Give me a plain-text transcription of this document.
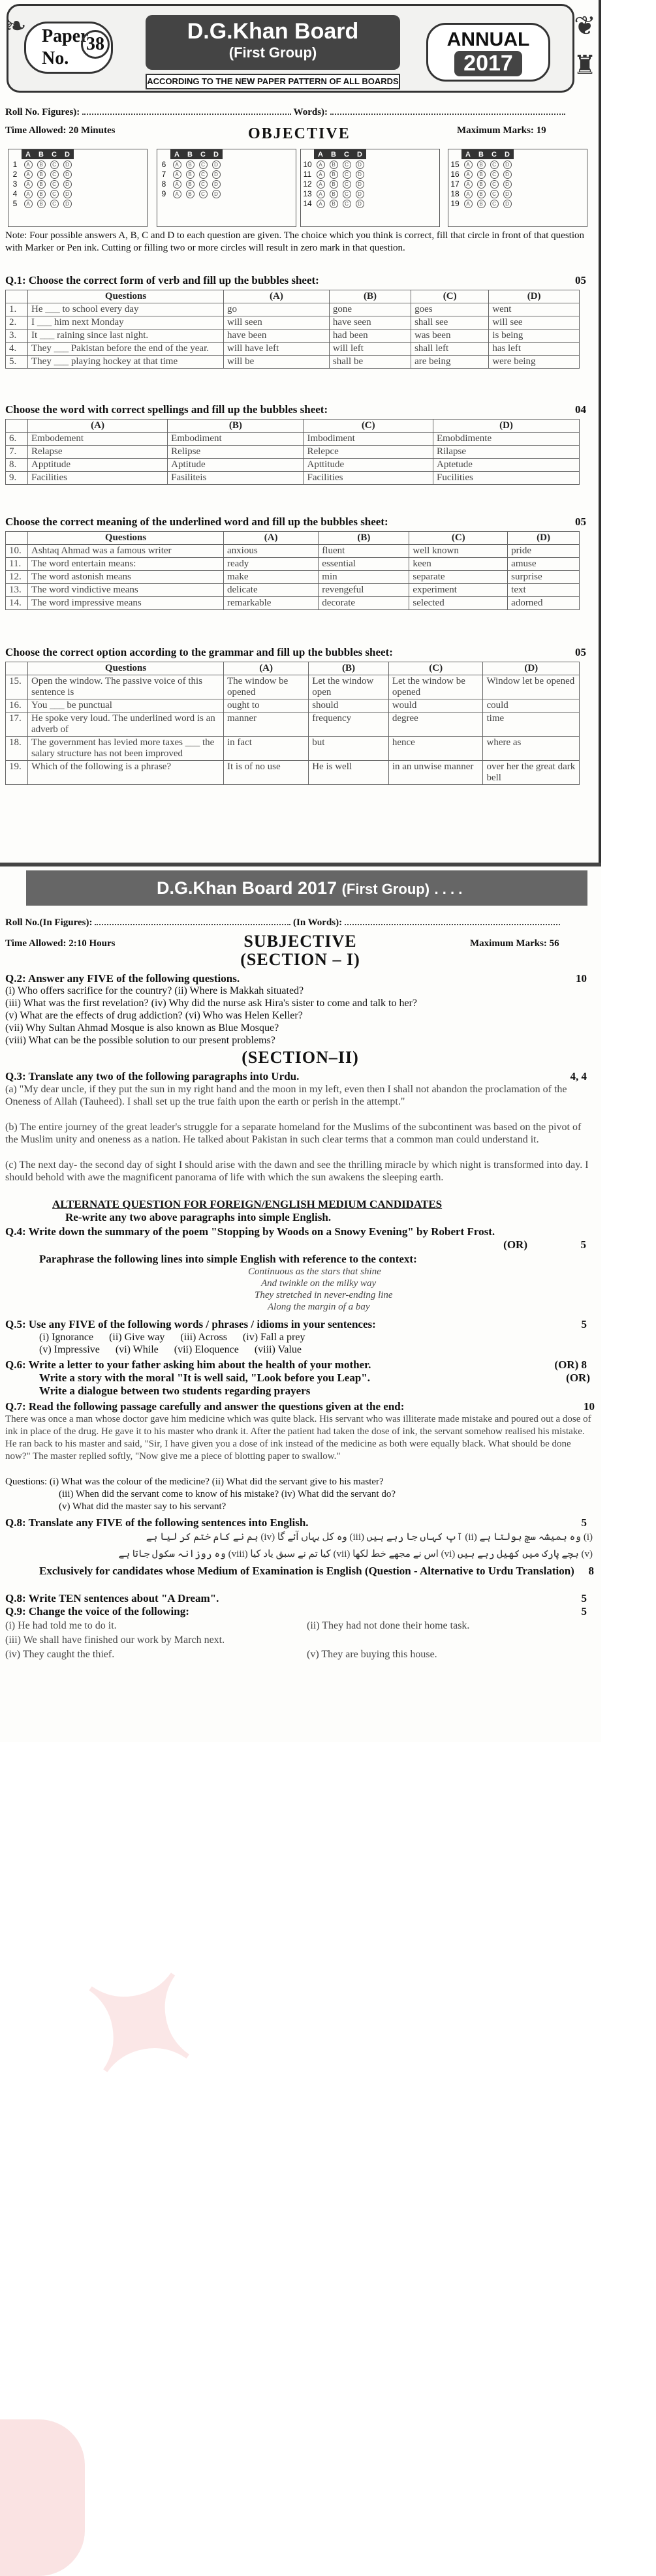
Paper
No.
38
D.G.Khan Board
(First Group)
ACCORDING TO THE NEW PAPER PATTERN OF ALL BOARDS
ANNUAL
2017
❧	❦
♜
Roll No. Figures):	Words):
Time Allowed: 20 Minutes	OBJECTIVE	Maximum Marks: 19
	A	B	C	D
1	A	B	C	D
2	A	B	C	D
3	A	B	C	D
4	A	B	C	D
5	A	B	C	D
	A	B	C	D
6	A	B	C	D
7	A	B	C	D
8	A	B	C	D
9	A	B	C	D
	A	B	C	D
10	A	B	C	D
11	A	B	C	D
12	A	B	C	D
13	A	B	C	D
14	A	B	C	D
	A	B	C	D
15	A	B	C	D
16	A	B	C	D
17	A	B	C	D
18	A	B	C	D
19	A	B	C	D
Note: Four possible answers A, B, C and D to each question are given. The choice which you think is correct, fill that circle in front of that question with Marker or Pen ink. Cutting or filling two or more circles will result in zero mark in that question.
Q.1: Choose the correct form of verb and fill up the bubbles sheet:	05
	Questions	(A)	(B)	(C)	(D)
1.	He ___ to school every day	go	gone	goes	went
2.	I ___ him next Monday	will seen	have seen	shall see	will see
3.	It ___ raining since last night.	have been	had been	was been	is being
4.	They ___ Pakistan before the end of the year.	will have left	will left	shall left	has left
5.	They ___ playing hockey at that time	will be	shall be	are being	were being
Choose the word with correct spellings and fill up the bubbles sheet:	04
	(A)	(B)	(C)	(D)
6.	Embodement	Embodiment	Imbodiment	Emobdimente
7.	Relapse	Relipse	Relepce	Rilapse
8.	Apptitude	Aptitude	Apttitude	Aptetude
9.	Facilities	Fasiliteis	Facilities	Fucilities
Choose the correct meaning of the underlined word and fill up the bubbles sheet:	05
	Questions	(A)	(B)	(C)	(D)
10.	Ashtaq Ahmad was a famous writer	anxious	fluent	well known	pride
11.	The word entertain means:	ready	essential	keen	amuse
12.	The word astonish means	make	min	separate	surprise
13.	The word vindictive means	delicate	revengeful	experiment	text
14.	The word impressive means	remarkable	decorate	selected	adorned
Choose the correct option according to the grammar and fill up the bubbles sheet:	05
	Questions	(A)	(B)	(C)	(D)
15.	Open the window. The passive voice of this sentence is	The window be opened	Let the window open	Let the window be opened	Window let be opened
16.	You ___ be punctual	ought to	should	would	could
17.	He spoke very loud. The underlined word is an adverb of	manner	frequency	degree	time
18.	The government has levied more taxes ___ the salary structure has not been improved	in fact	but	hence	where as
19.	Which of the following is a phrase?	It is of no use	He is well	in an unwise manner	over her the great dark bell
D.G.Khan Board 2017 (First Group) . . . .
✦
Roll No.(In Figures):	(In Words):
Time Allowed: 2:10 Hours	Maximum Marks: 56
SUBJECTIVE
(SECTION – I)
Q.2: Answer any FIVE of the following questions.	10
(i) Who offers sacrifice for the country? (ii) Where is Makkah situated?
(iii) What was the first revelation? (iv) Why did the nurse ask Hira's sister to come and talk to her?
(v) What are the effects of drug addiction? (vi) Who was Helen Keller?
(vii) Why Sultan Ahmad Mosque is also known as Blue Mosque?
(viii) What can be the possible solution to our present problems?
(SECTION–II)
Q.3: Translate any two of the following paragraphs into Urdu.	4, 4
(a) "My dear uncle, if they put the sun in my right hand and the moon in my left, even then I shall not abandon the proclamation of the Oneness of Allah (Tauheed). I shall set up the true faith upon the earth or perish in the attempt."
(b) The entire journey of the great leader's struggle for a separate homeland for the Muslims of the subcontinent was based on the pivot of the Muslim unity and oneness as a nation. He talked about Pakistan in such clear terms that a common man could understand it.
(c) The next day- the second day of sight I should arise with the dawn and see the thrilling miracle by which night is transformed into day. I should behold with awe the magnificent panorama of life with which the sun awakens the sleeping earth.
ALTERNATE QUESTION FOR FOREIGN/ENGLISH MEDIUM CANDIDATES
Re-write any two above paragraphs into simple English.
Q.4: Write down the summary of the poem "Stopping by Woods on a Snowy Evening" by Robert Frost.
(OR)	5
Paraphrase the following lines into simple English with reference to the context:
Continuous as the stars that shine
And twinkle on the milky way
They stretched in never-ending line
Along the margin of a bay
Q.5: Use any FIVE of the following words / phrases / idioms in your sentences:	5
(i) Ignorance      (ii) Give way      (iii) Across      (iv) Fall a prey
(v) Impressive      (vi) While      (vii) Eloquence      (viii) Value
Q.6: Write a letter to your father asking him about the health of your mother.	(OR) 8
Write a story with the moral "It is well said, "Look before you Leap".	(OR)
Write a dialogue between two students regarding prayers
Q.7: Read the following passage carefully and answer the questions given at the end:	10
There was once a man whose doctor gave him medicine which was quite black. His servant who was illiterate made mistake and poured out a dose of ink in place of the drug. He gave it to his master who drank it. After the patient had taken the dose of ink, the servant somehow realised his mistake. He ran back to his master and said, "Sir, I have given you a dose of ink instead of the medicine as both were equally black. What should be done now?" The master replied softly, "Now give me a piece of blotting paper to swallow."
Questions: (i) What was the colour of the medicine? (ii) What did the servant give to his master?
(iii) When did the servant come to know of his mistake? (iv) What did the servant do?
(v) What did the master say to his servant?
Q.8: Translate any FIVE of the following sentences into English.	5
(i) وہ ہمیشہ سچ بولتا ہے (ii) آپ کہاں جا رہے ہیں (iii) وہ کل یہاں آئے گا (iv) ہم نے کام ختم کر لیا ہے
(v) بچے پارک میں کھیل رہے ہیں (vi) اس نے مجھے خط لکھا (vii) کیا تم نے سبق یاد کیا (viii) وہ روزانہ سکول جاتا ہے
Exclusively for candidates whose Medium of Examination is English (Question - Alternative to Urdu Translation) 8
Q.8: Write TEN sentences about "A Dream".	5
Q.9: Change the voice of the following:	5
(i) He had told me to do it.	(ii) They had not done their home task.
(iii) We shall have finished our work by March next.
(iv) They caught the thief.	(v) They are buying this house.
